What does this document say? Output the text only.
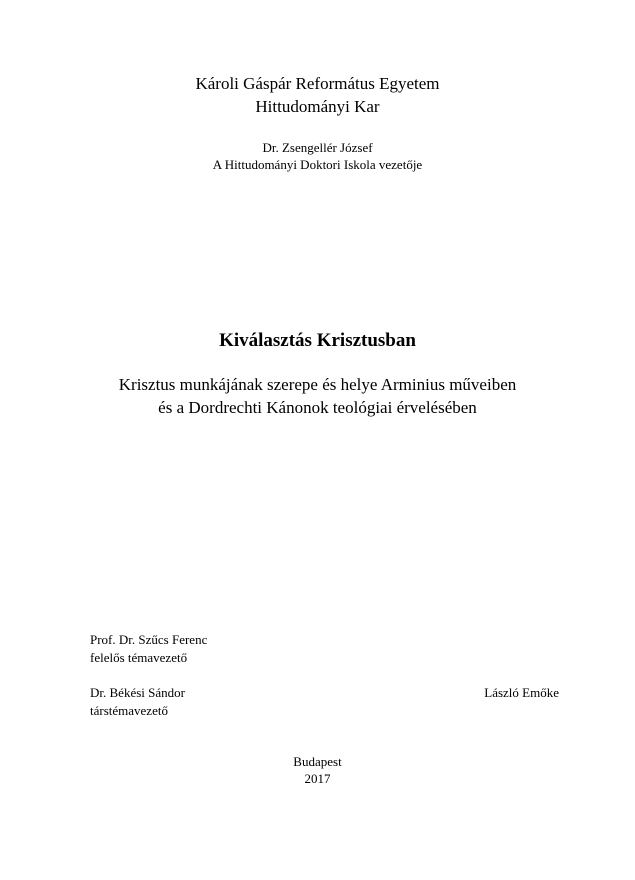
Károli Gáspár Református Egyetem
Hittudományi Kar
Dr. Zsengellér József
A Hittudományi Doktori Iskola vezetője
Kiválasztás Krisztusban
Krisztus munkájának szerepe és helye Arminius műveiben
és a Dordrechti Kánonok teológiai érvelésében
Prof. Dr. Szűcs Ferenc
felelős témavezető
Dr. Békési Sándor
társtémavezető
László Emőke
Budapest
2017
